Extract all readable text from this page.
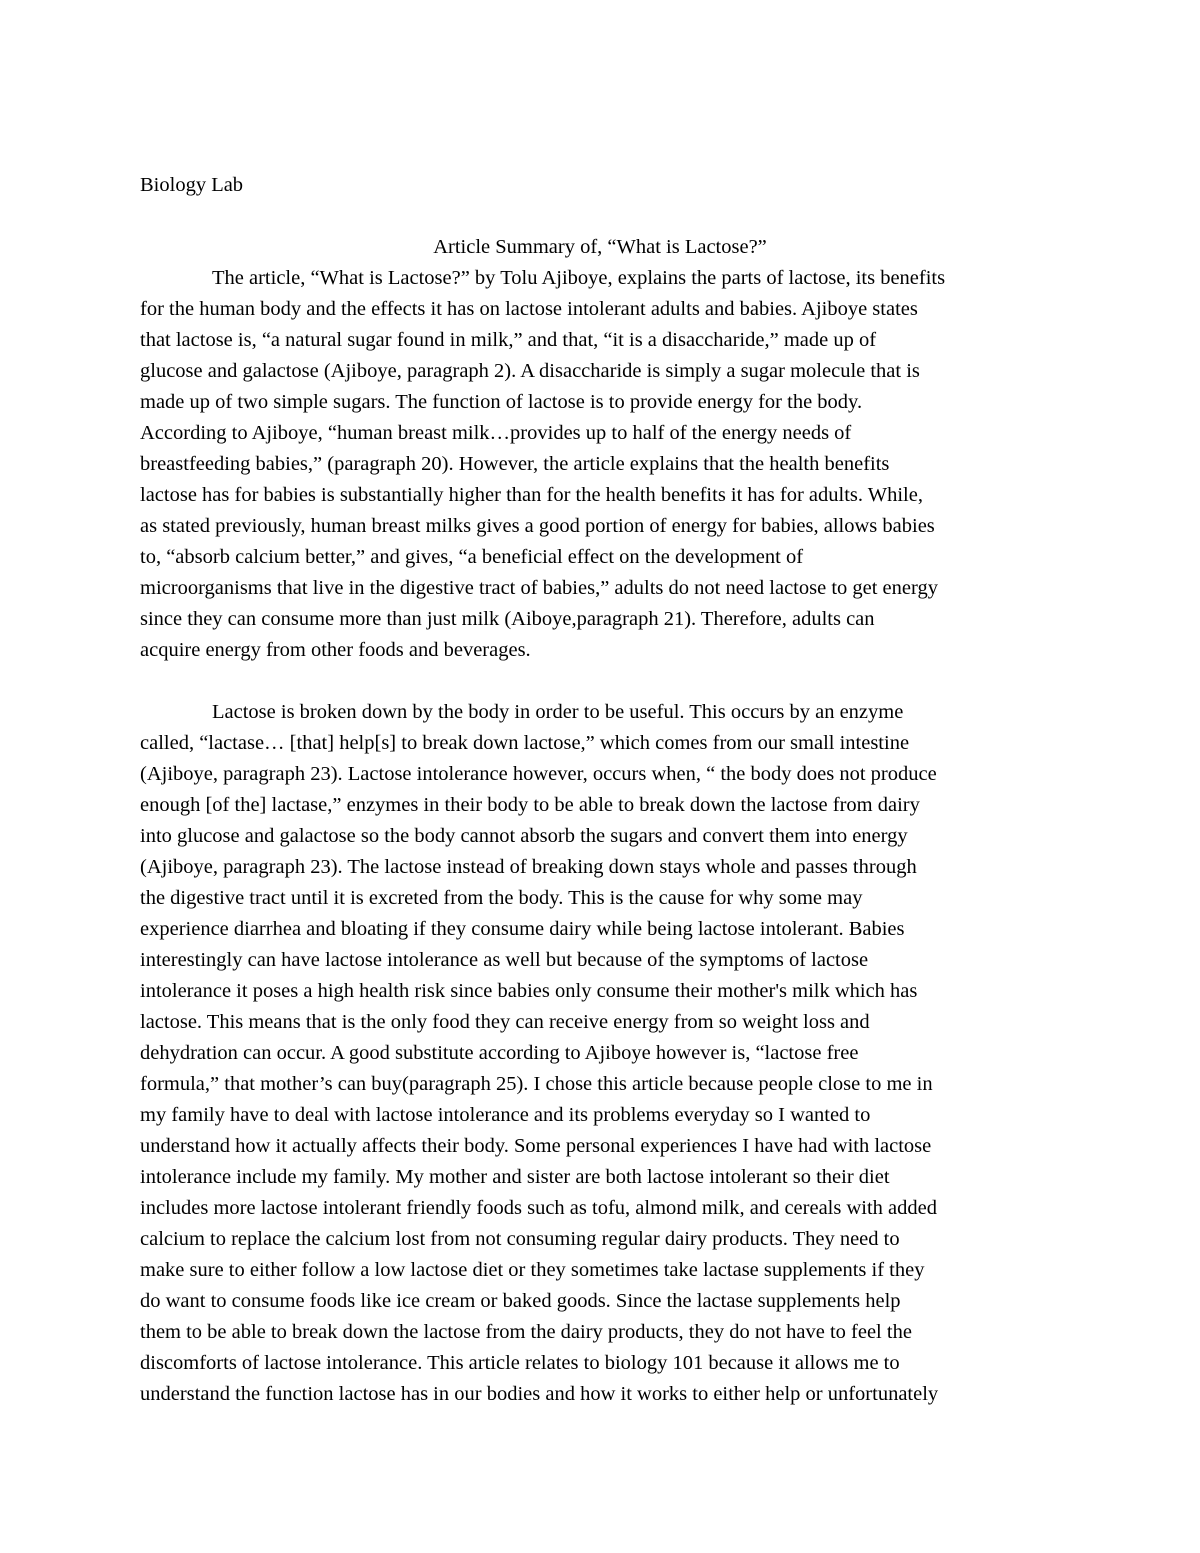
Biology Lab
Article Summary of, “What is Lactose?”
The article, “What is Lactose?” by Tolu Ajiboye, explains the parts of lactose, its benefits
for the human body and the effects it has on lactose intolerant adults and babies. Ajiboye states
that lactose is, “a natural sugar found in milk,” and that, “it is a disaccharide,” made up of
glucose and galactose (Ajiboye, paragraph 2). A disaccharide is simply a sugar molecule that is
made up of two simple sugars. The function of lactose is to provide energy for the body.
According to Ajiboye, “human breast milk…provides up to half of the energy needs of
breastfeeding babies,” (paragraph 20). However, the article explains that the health benefits
lactose has for babies is substantially higher than for the health benefits it has for adults. While,
as stated previously, human breast milks gives a good portion of energy for babies, allows babies
to, “absorb calcium better,” and gives, “a beneficial effect on the development of
microorganisms that live in the digestive tract of babies,” adults do not need lactose to get energy
since they can consume more than just milk (Aiboye,paragraph 21). Therefore, adults can
acquire energy from other foods and beverages.
Lactose is broken down by the body in order to be useful. This occurs by an enzyme
called, “lactase… [that] help[s] to break down lactose,” which comes from our small intestine
(Ajiboye, paragraph 23). Lactose intolerance however, occurs when, “ the body does not produce
enough [of the] lactase,” enzymes in their body to be able to break down the lactose from dairy
into glucose and galactose so the body cannot absorb the sugars and convert them into energy
(Ajiboye, paragraph 23). The lactose instead of breaking down stays whole and passes through
the digestive tract until it is excreted from the body. This is the cause for why some may
experience diarrhea and bloating if they consume dairy while being lactose intolerant. Babies
interestingly can have lactose intolerance as well but because of the symptoms of lactose
intolerance it poses a high health risk since babies only consume their mother's milk which has
lactose. This means that is the only food they can receive energy from so weight loss and
dehydration can occur. A good substitute according to Ajiboye however is, “lactose free
formula,” that mother’s can buy(paragraph 25). I chose this article because people close to me in
my family have to deal with lactose intolerance and its problems everyday so I wanted to
understand how it actually affects their body. Some personal experiences I have had with lactose
intolerance include my family. My mother and sister are both lactose intolerant so their diet
includes more lactose intolerant friendly foods such as tofu, almond milk, and cereals with added
calcium to replace the calcium lost from not consuming regular dairy products. They need to
make sure to either follow a low lactose diet or they sometimes take lactase supplements if they
do want to consume foods like ice cream or baked goods. Since the lactase supplements help
them to be able to break down the lactose from the dairy products, they do not have to feel the
discomforts of lactose intolerance. This article relates to biology 101 because it allows me to
understand the function lactose has in our bodies and how it works to either help or unfortunately
